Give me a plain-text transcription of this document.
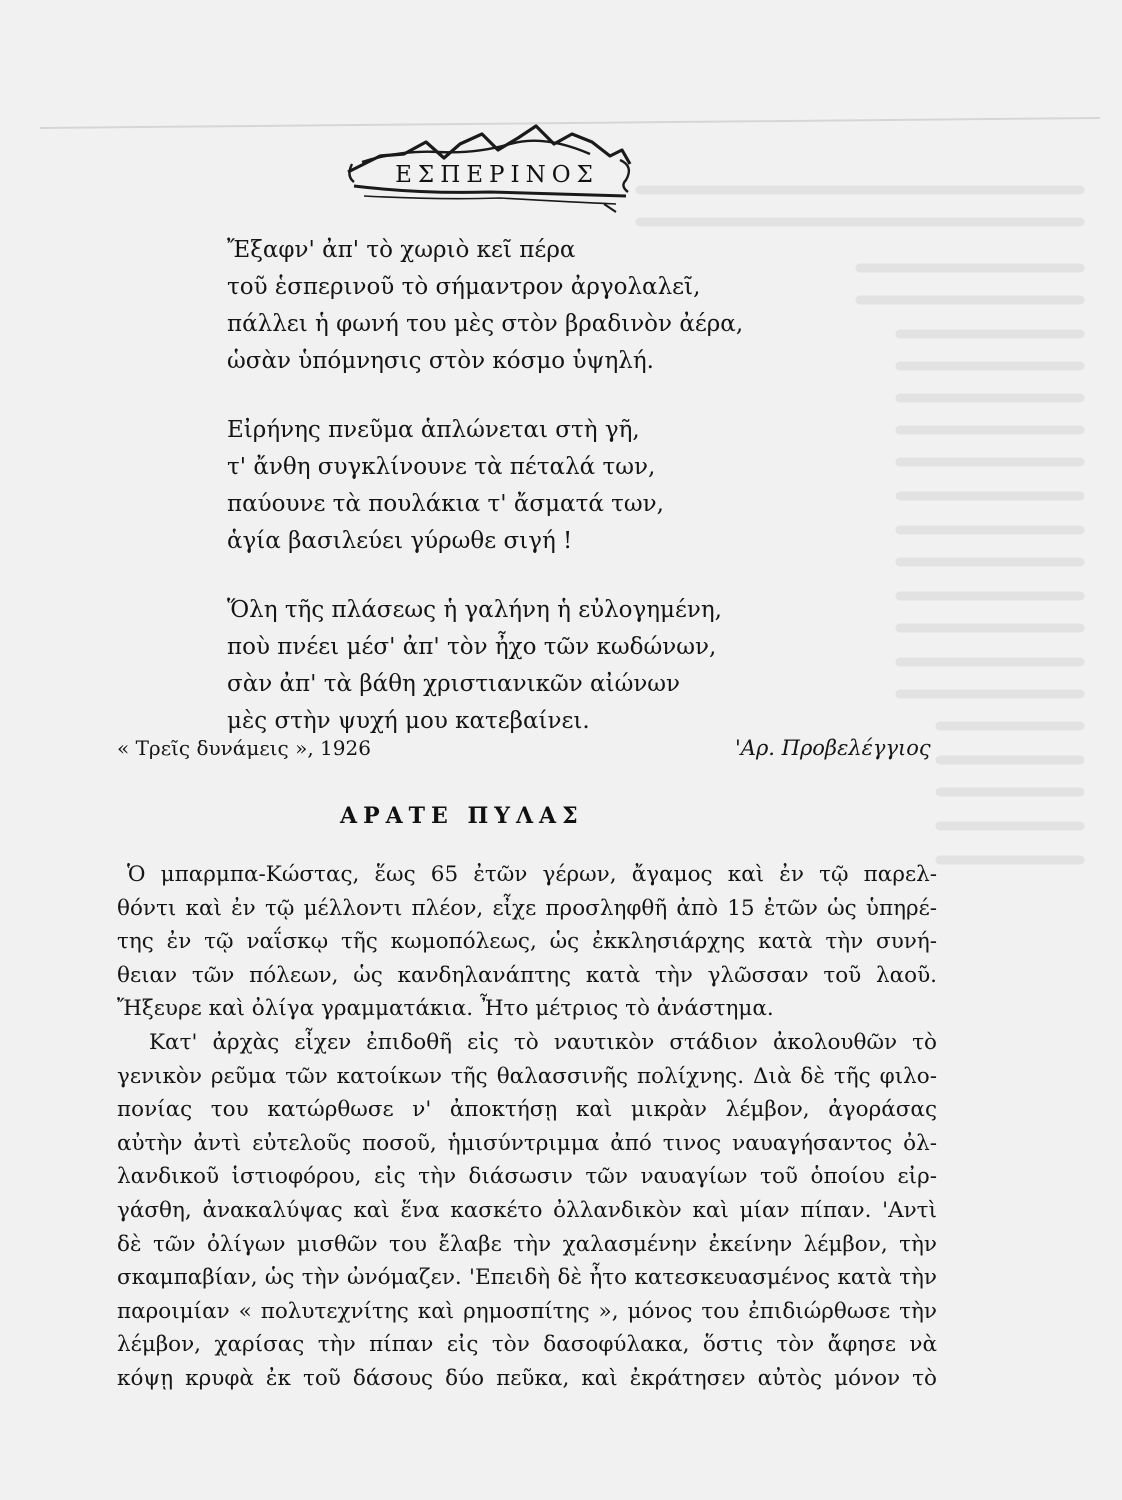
ΕΣΠΕΡΙΝΟΣ
Ἔξαφν' ἀπ' τὸ χωριὸ κεῖ πέρα
τοῦ ἑσπερινοῦ τὸ σήμαντρον ἀργολαλεῖ,
πάλλει ἡ φωνή του μὲς στὸν βραδινὸν ἀέρα,
ὡσὰν ὑπόμνησις στὸν κόσμο ὑψηλή.
Εἰρήνης πνεῦμα ἁπλώνεται στὴ γῆ,
τ' ἄνθη συγκλίνουνε τὰ πέταλά των,
παύουνε τὰ πουλάκια τ' ἄσματά των,
ἁγία βασιλεύει γύρωθε σιγή !
Ὅλη τῆς πλάσεως ἡ γαλήνη ἡ εὐλογημένη,
ποὺ πνέει μέσ' ἀπ' τὸν ἦχο τῶν κωδώνων,
σὰν ἀπ' τὰ βάθη χριστιανικῶν αἰώνων
μὲς στὴν ψυχή μου κατεβαίνει.
« Τρεῖς δυνάμεις », 1926	'Αρ. Προβελέγγιος
ΑΡΑΤΕ ΠΥΛΑΣ
Ὁ μπαρμπα-Κώστας, ἕως 65 ἐτῶν γέρων, ἄγαμος καὶ ἐν τῷ παρελ-
θόντι καὶ ἐν τῷ μέλλοντι πλέον, εἶχε προσληφθῆ ἀπὸ 15 ἐτῶν ὡς ὑπηρέ-
της ἐν τῷ ναΐσκῳ τῆς κωμοπόλεως, ὡς ἐκκλησιάρχης κατὰ τὴν συνή-
θειαν τῶν πόλεων, ὡς κανδηλανάπτης κατὰ τὴν γλῶσσαν τοῦ λαοῦ.
Ἤξευρε καὶ ὀλίγα γραμματάκια. Ἦτο μέτριος τὸ ἀνάστημα.
Κατ' ἀρχὰς εἶχεν ἐπιδοθῆ εἰς τὸ ναυτικὸν στάδιον ἀκολουθῶν τὸ
γενικὸν ρεῦμα τῶν κατοίκων τῆς θαλασσινῆς πολίχνης. Διὰ δὲ τῆς φιλο-
πονίας του κατώρθωσε ν' ἀποκτήσῃ καὶ μικρὰν λέμβον, ἀγοράσας
αὐτὴν ἀντὶ εὐτελοῦς ποσοῦ, ἡμισύντριμμα ἀπό τινος ναυαγήσαντος ὀλ-
λανδικοῦ ἱστιοφόρου, εἰς τὴν διάσωσιν τῶν ναυαγίων τοῦ ὁποίου εἰρ-
γάσθη, ἀνακαλύψας καὶ ἕνα κασκέτο ὀλλανδικὸν καὶ μίαν πίπαν. 'Αντὶ
δὲ τῶν ὀλίγων μισθῶν του ἔλαβε τὴν χαλασμένην ἐκείνην λέμβον, τὴν
σκαμπαβίαν, ὡς τὴν ὠνόμαζεν. 'Επειδὴ δὲ ἦτο κατεσκευασμένος κατὰ τὴν
παροιμίαν « πολυτεχνίτης καὶ ρημοσπίτης », μόνος του ἐπιδιώρθωσε τὴν
λέμβον, χαρίσας τὴν πίπαν εἰς τὸν δασοφύλακα, ὅστις τὸν ἄφησε νὰ
κόψῃ κρυφὰ ἐκ τοῦ δάσους δύο πεῦκα, καὶ ἐκράτησεν αὐτὸς μόνον τὸ
